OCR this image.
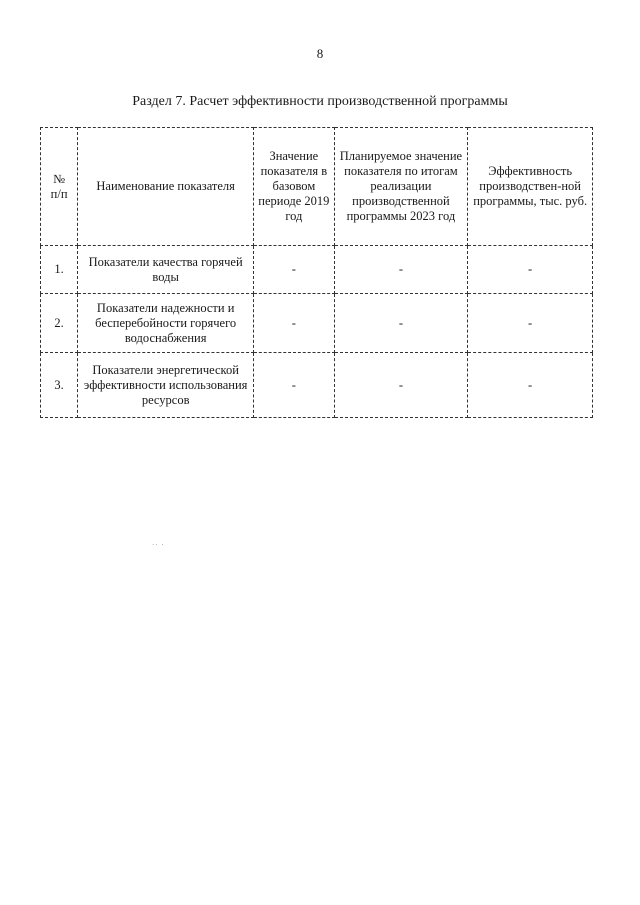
8
Раздел 7. Расчет эффективности производственной программы
№
п/п	Наименование показателя	Значение показателя в базовом периоде 2019 год	Планируемое значение показателя по итогам реализации производственной программы 2023 год	Эффективность производствен-ной программы, тыс. руб.
1.	Показатели качества горячей воды	-	-	-
2.	Показатели надежности и бесперебойности горячего водоснабжения	-	-	-
3.	Показатели энергетической эффективности использования ресурсов	-	-	-
·· ·
